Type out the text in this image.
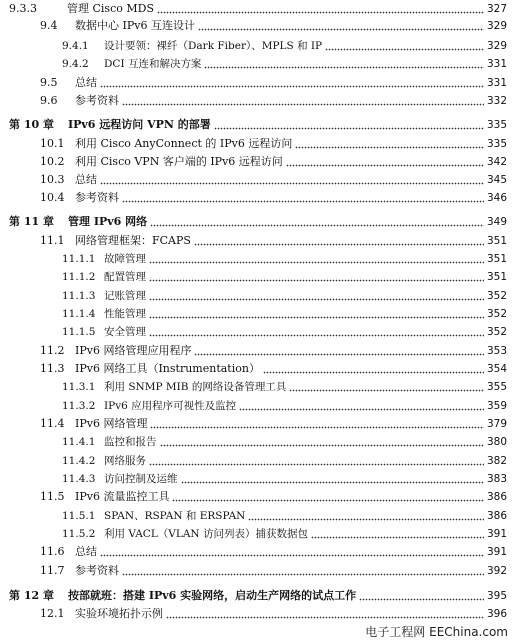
9.3.3	管理 Cisco MDS	327
9.4 数据中心 IPv6 互连设计	329
9.4.1 设计要领：裸纤（Dark Fiber）、MPLS 和 IP	329
9.4.2 DCI 互连和解决方案	331
9.5 总结	331
9.6 参考资料	332
第 10 章 IPv6 远程访问 VPN 的部署	335
10.1 利用 Cisco AnyConnect 的 IPv6 远程访问	335
10.2 利用 Cisco VPN 客户端的 IPv6 远程访问	342
10.3 总结	345
10.4 参考资料	346
第 11 章 管理 IPv6 网络	349
11.1 网络管理框架：FCAPS	351
11.1.1 故障管理	351
11.1.2 配置管理	351
11.1.3 记账管理	352
11.1.4 性能管理	352
11.1.5 安全管理	352
11.2 IPv6 网络管理应用程序	353
11.3 IPv6 网络工具（Instrumentation）	354
11.3.1 利用 SNMP MIB 的网络设备管理工具	355
11.3.2 IPv6 应用程序可视性及监控	359
11.4 IPv6 网络管理	379
11.4.1 监控和报告	380
11.4.2 网络服务	382
11.4.3 访问控制及运维	383
11.5 IPv6 流量监控工具	386
11.5.1 SPAN、RSPAN 和 ERSPAN	386
11.5.2 利用 VACL（VLAN 访问列表）捕获数据包	391
11.6 总结	391
11.7 参考资料	392
第 12 章 按部就班：搭建 IPv6 实验网络，启动生产网络的试点工作	395
12.1 实验环境拓扑示例	396
电子工程网 EEChina.com
